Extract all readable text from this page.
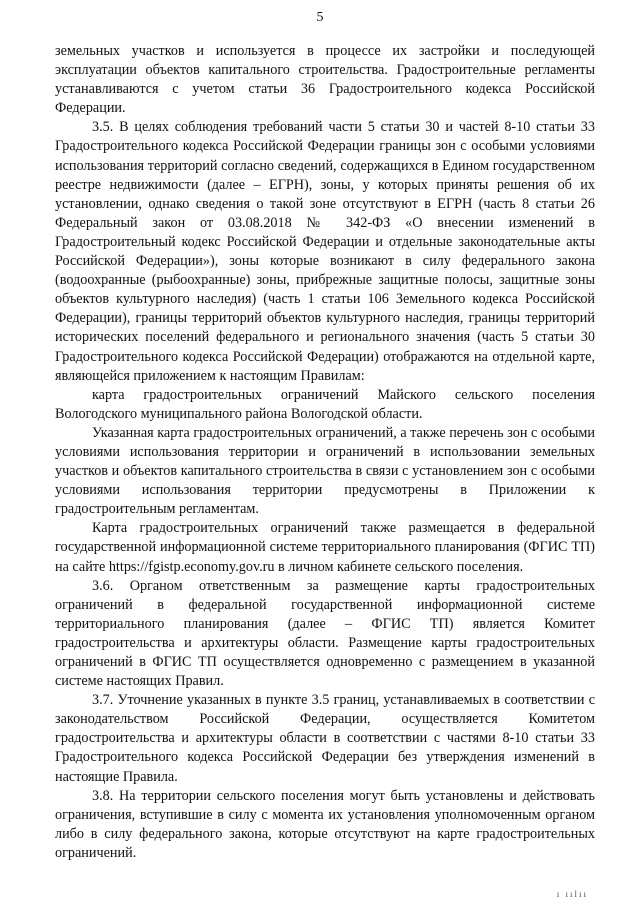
5

земельных участков и используется в процессе их застройки и последующей эксплуатации объектов капитального строительства. Градостроительные регламенты устанавливаются с учетом статьи 36 Градостроительного кодекса Российской Федерации.

3.5. В целях соблюдения требований части 5 статьи 30 и частей 8-10 статьи 33 Градостроительного кодекса Российской Федерации границы зон с особыми условиями использования территорий согласно сведений, содержащихся в Едином государственном реестре недвижимости (далее – ЕГРН), зоны, у которых приняты решения об их установлении, однако сведения о такой зоне отсутствуют в ЕГРН (часть 8 статьи 26 Федеральный закон от 03.08.2018 № 342-ФЗ «О внесении изменений в Градостроительный кодекс Российской Федерации и отдельные законодательные акты Российской Федерации»), зоны которые возникают в силу федерального закона (водоохранные (рыбоохранные) зоны, прибрежные защитные полосы, защитные зоны объектов культурного наследия) (часть 1 статьи 106 Земельного кодекса Российской Федерации), границы территорий объектов культурного наследия, границы территорий исторических поселений федерального и регионального значения (часть 5 статьи 30 Градостроительного кодекса Российской Федерации) отображаются на отдельной карте, являющейся приложением к настоящим Правилам:

карта градостроительных ограничений Майского сельского поселения Вологодского муниципального района Вологодской области.

Указанная карта градостроительных ограничений, а также перечень зон с особыми условиями использования территории и ограничений в использовании земельных участков и объектов капитального строительства в связи с установлением зон с особыми условиями использования территории предусмотрены в Приложении к градостроительным регламентам.

Карта градостроительных ограничений также размещается в федеральной государственной информационной системе территориального планирования (ФГИС ТП) на сайте https://fgistp.economy.gov.ru в личном кабинете сельского поселения.

3.6. Органом ответственным за размещение карты градостроительных ограничений в федеральной государственной информационной системе территориального планирования (далее – ФГИС ТП) является Комитет градостроительства и архитектуры области. Размещение карты градостроительных ограничений в ФГИС ТП осуществляется одновременно с размещением в указанной системе настоящих Правил.

3.7. Уточнение указанных в пункте 3.5 границ, устанавливаемых в соответствии с законодательством Российской Федерации, осуществляется Комитетом градостроительства и архитектуры области в соответствии с частями 8-10 статьи 33 Градостроительного кодекса Российской Федерации без утверждения изменений в настоящие Правила.

3.8. На территории сельского поселения могут быть установлены и действовать ограничения, вступившие в силу с момента их установления уполномоченным органом либо в силу федерального закона, которые отсутствуют на карте градостроительных ограничений.

ı ıılıı
